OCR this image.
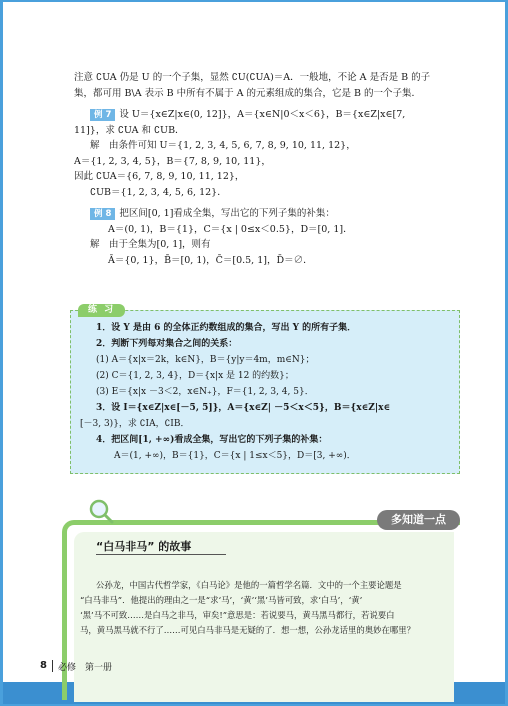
注意 ∁UA 仍是 U 的一个子集，显然 ∁U(∁UA)＝A．一般地，不论 A 是否是 B 的子
集，都可用 B\A 表示 B 中所有不属于 A 的元素组成的集合，它是 B 的一个子集．
例 7 设 U＝{x∈Z|x∈(0, 12]}，A＝{x∈N|0＜x＜6}，B＝{x∈Z|x∈[7,
11]}，求 ∁UA 和 ∁UB．
解　由条件可知 U＝{1, 2, 3, 4, 5, 6, 7, 8, 9, 10, 11, 12}，
A＝{1, 2, 3, 4, 5}，B＝{7, 8, 9, 10, 11}，
因此 ∁UA＝{6, 7, 8, 9, 10, 11, 12}，
∁UB＝{1, 2, 3, 4, 5, 6, 12}．
例 8 把区间[0, 1]看成全集，写出它的下列子集的补集：
A＝(0, 1)，B＝{1}，C＝{x | 0≤x＜0.5}，D＝[0, 1]．
解　由于全集为[0, 1]，则有
Ā＝{0, 1}，B̄＝[0, 1)，C̄＝[0.5, 1]，D̄＝∅．
练 习
1．设 Y 是由 6 的全体正约数组成的集合，写出 Y 的所有子集．
2．判断下列每对集合之间的关系：
(1) A＝{x|x＝2k，k∈N}，B＝{y|y＝4m，m∈N}；
(2) C＝{1, 2, 3, 4}，D＝{x|x 是 12 的约数}；
(3) E＝{x|x －3＜2，x∈N₊}，F＝{1, 2, 3, 4, 5}．
3．设 I＝{x∈Z|x∈[－5, 5]}，A＝{x∈Z| －5＜x＜5}，B＝{x∈Z|x∈
[－3, 3)}，求 ∁IA，∁IB．
4．把区间[1, +∞)看成全集，写出它的下列子集的补集：
A＝(1, +∞)，B＝{1}，C＝{x | 1≤x＜5}，D＝[3, +∞)．
多知道一点
“白马非马” 的故事
公孙龙，中国古代哲学家，《白马论》是他的一篇哲学名篇．文中的一个主要论题是
“白马非马”．他提出的理由之一是“求‘马’，‘黄’‘黑’马皆可致，求‘白马’，‘黄’
‘黑’马不可致……是白马之非马，审矣!”意思是：若说要马，黄马黑马都行，若说要白
马，黄马黑马就不行了……可见白马非马是无疑的了．想一想，公孙龙话里的奥妙在哪里？
8 必修　第一册
